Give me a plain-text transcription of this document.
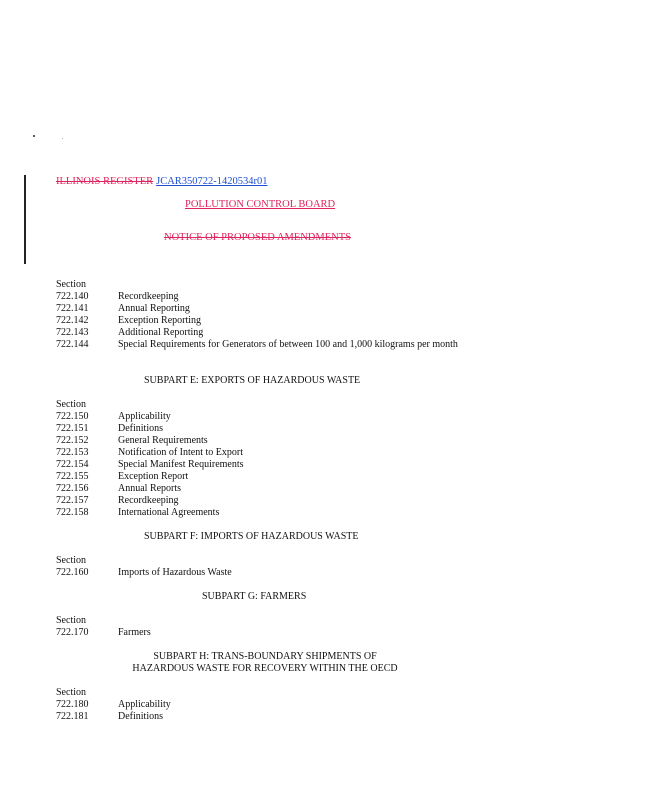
ILLINOIS REGISTER JCAR350722-1420534r01
POLLUTION CONTROL BOARD
NOTICE OF PROPOSED AMENDMENTS
Section
722.140	Recordkeeping
722.141	Annual Reporting
722.142	Exception Reporting
722.143	Additional Reporting
722.144	Special Requirements for Generators of between 100 and 1,000 kilograms per month
SUBPART E: EXPORTS OF HAZARDOUS WASTE
Section
722.150	Applicability
722.151	Definitions
722.152	General Requirements
722.153	Notification of Intent to Export
722.154	Special Manifest Requirements
722.155	Exception Report
722.156	Annual Reports
722.157	Recordkeeping
722.158	International Agreements
SUBPART F: IMPORTS OF HAZARDOUS WASTE
Section
722.160	Imports of Hazardous Waste
SUBPART G: FARMERS
Section
722.170	Farmers
SUBPART H: TRANS-BOUNDARY SHIPMENTS OF
HAZARDOUS WASTE FOR RECOVERY WITHIN THE OECD
Section
722.180	Applicability
722.181	Definitions
